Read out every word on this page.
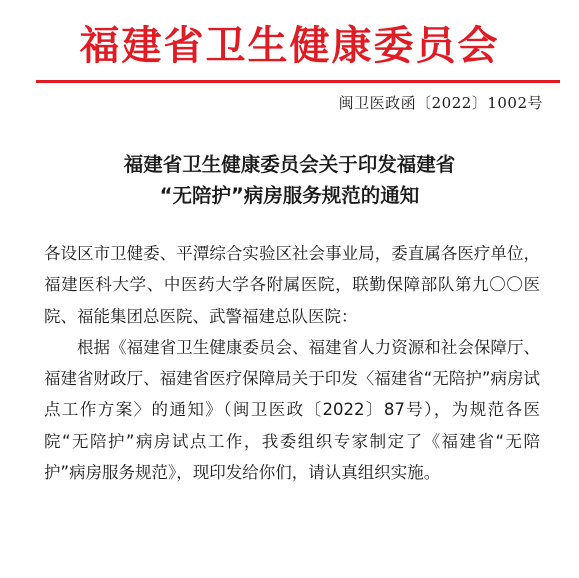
福建省卫生健康委员会
闽卫医政函〔2022〕1002号
福建省卫生健康委员会关于印发福建省
“无陪护”病房服务规范的通知

各设区市卫健委、平潭综合实验区社会事业局，委直属各医疗单位，福建医科大学、中医药大学各附属医院，联勤保障部队第九〇〇医院、福能集团总医院、武警福建总队医院：

根据《福建省卫生健康委员会、福建省人力资源和社会保障厅、福建省财政厅、福建省医疗保障局关于印发〈福建省“无陪护”病房试点工作方案〉的通知》（闽卫医政〔2022〕87号），为规范各医院“无陪护”病房试点工作，我委组织专家制定了《福建省“无陪护”病房服务规范》，现印发给你们，请认真组织实施。
